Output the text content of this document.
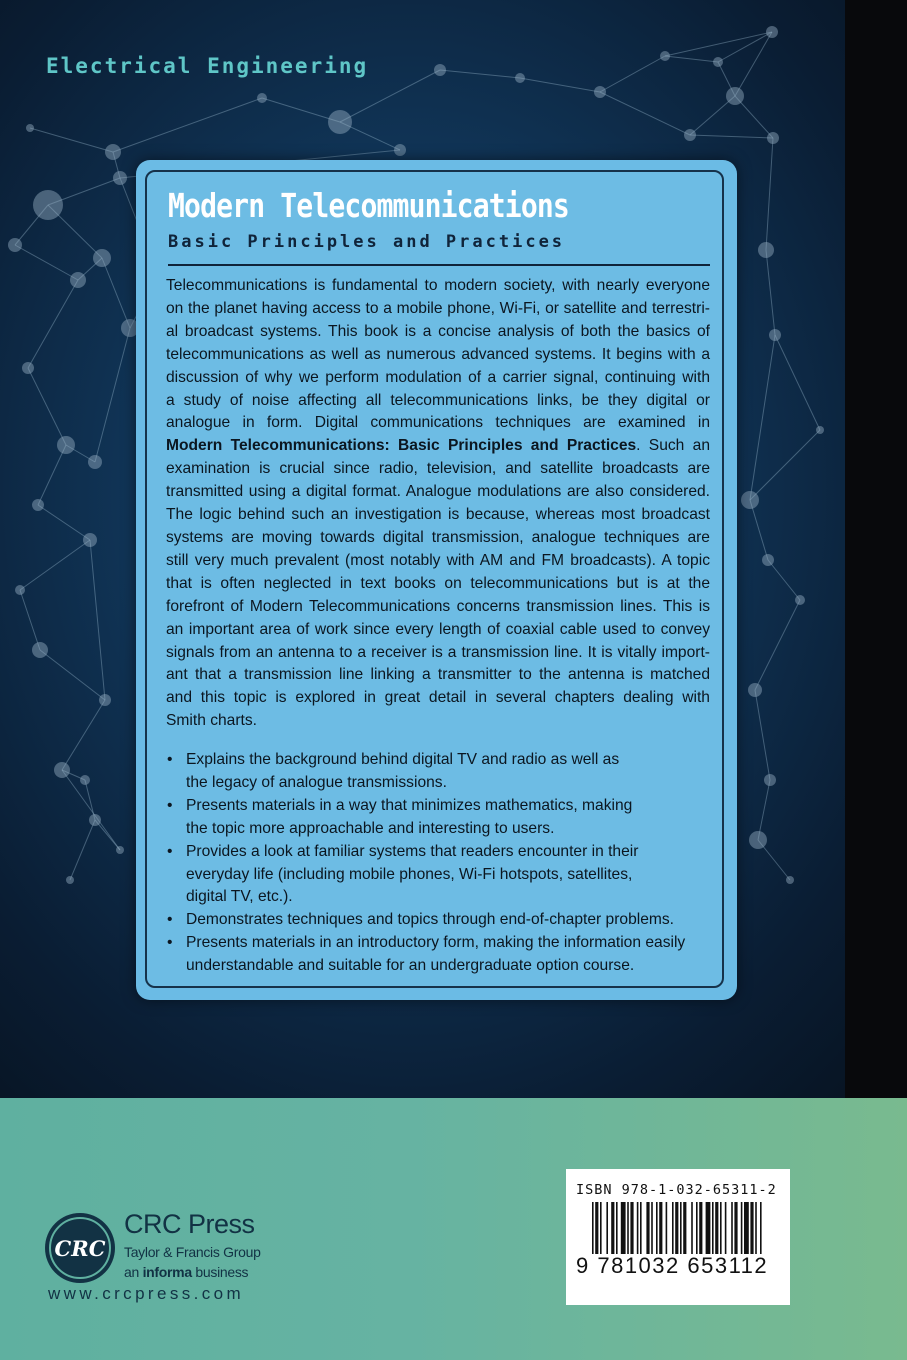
Electrical Engineering
Modern Telecommunications
Basic Principles and Practices
Telecommunications is fundamental to modern society, with nearly everyone
on the planet having access to a mobile phone, Wi-Fi, or satellite and terrestri-
al broadcast systems. This book is a concise analysis of both the basics of
telecommunications as well as numerous advanced systems. It begins with a
discussion of why we perform modulation of a carrier signal, continuing with
a study of noise affecting all telecommunications links, be they digital or
analogue in form. Digital communications techniques are examined in
Modern Telecommunications: Basic Principles and Practices. Such an
examination is crucial since radio, television, and satellite broadcasts are
transmitted using a digital format. Analogue modulations are also considered.
The logic behind such an investigation is because, whereas most broadcast
systems are moving towards digital transmission, analogue techniques are
still very much prevalent (most notably with AM and FM broadcasts). A topic
that is often neglected in text books on telecommunications but is at the
forefront of Modern Telecommunications concerns transmission lines. This is
an important area of work since every length of coaxial cable used to convey
signals from an antenna to a receiver is a transmission line. It is vitally import-
ant that a transmission line linking a transmitter to the antenna is matched
and this topic is explored in great detail in several chapters dealing with
Smith charts.
• Explains the background behind digital TV and radio as well as
the legacy of analogue transmissions.
• Presents materials in a way that minimizes mathematics, making
the topic more approachable and interesting to users.
• Provides a look at familiar systems that readers encounter in their
everyday life (including mobile phones, Wi-Fi hotspots, satellites,
digital TV, etc.).
• Demonstrates techniques and topics through end-of-chapter problems.
• Presents materials in an introductory form, making the information easily
understandable and suitable for an undergraduate option course.
CRC
CRC Press
Taylor & Francis Group
an informa business
www.crcpress.com
ISBN 978-1-032-65311-2
9 781032 653112
